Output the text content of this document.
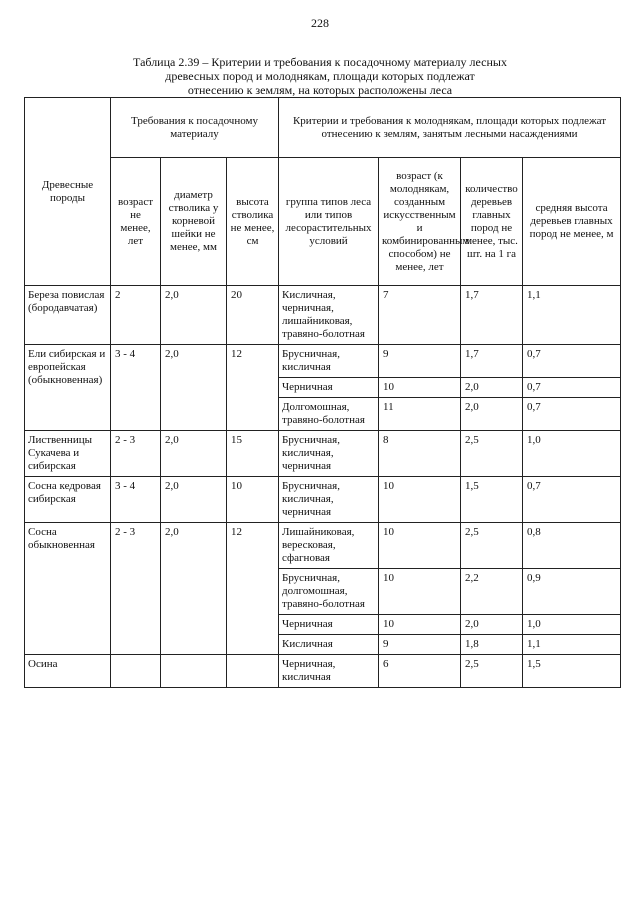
228
Таблица 2.39 – Критерии и требования к посадочному материалу лесных
древесных пород и молоднякам, площади которых подлежат
отнесению к землям, на которых расположены леса
Древесные породы	Требования к посадочному материалу			Критерии и требования к молоднякам, площади которых подлежат отнесению к землям, занятым лесными насаждениями			
	возраст не менее, лет	диаметр стволика у корневой шейки не менее, мм	высота стволика не менее, см	группа типов леса или типов лесорастительных условий	возраст (к молоднякам, созданным искусственным и комбинированным способом) не менее, лет	количество деревьев главных пород не менее, тыс. шт. на 1 га	средняя высота деревьев главных пород не менее, м
Береза повислая (бородавчатая)	2	2,0	20	Кисличная, черничная, лишайниковая, травяно-болотная	7	1,7	1,1
Ели сибирская и европейская (обыкновенная)	3 - 4	2,0	12	Брусничная, кисличная	9	1,7	0,7
				Черничная	10	2,0	0,7
				Долгомошная, травяно-болотная	11	2,0	0,7
Лиственницы Сукачева и сибирская	2 - 3	2,0	15	Брусничная, кисличная, черничная	8	2,5	1,0
Сосна кедровая сибирская	3 - 4	2,0	10	Брусничная, кисличная, черничная	10	1,5	0,7
Сосна обыкновенная	2 - 3	2,0	12	Лишайниковая, вересковая, сфагновая	10	2,5	0,8
				Брусничная, долгомошная, травяно-болотная	10	2,2	0,9
				Черничная	10	2,0	1,0
				Кисличная	9	1,8	1,1
Осина				Черничная, кисличная	6	2,5	1,5
